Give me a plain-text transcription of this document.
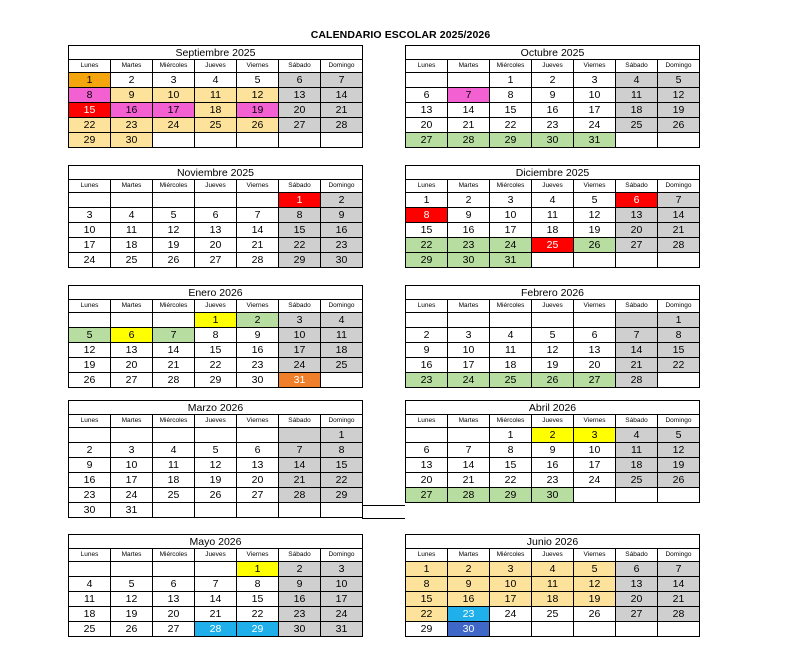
CALENDARIO ESCOLAR 2025/2026
Septiembre 2025
Lunes	Martes	Miércoles	Jueves	Viernes	Sábado	Domingo
1	2	3	4	5	6	7
8	9	10	11	12	13	14
15	16	17	18	19	20	21
22	23	24	25	26	27	28
29	30					
Octubre 2025
Lunes	Martes	Miércoles	Jueves	Viernes	Sábado	Domingo
		1	2	3	4	5
6	7	8	9	10	11	12
13	14	15	16	17	18	19
20	21	22	23	24	25	26
27	28	29	30	31		
Noviembre 2025
Lunes	Martes	Miércoles	Jueves	Viernes	Sábado	Domingo
					1	2
3	4	5	6	7	8	9
10	11	12	13	14	15	16
17	18	19	20	21	22	23
24	25	26	27	28	29	30
Diciembre 2025
Lunes	Martes	Miércoles	Jueves	Viernes	Sábado	Domingo
1	2	3	4	5	6	7
8	9	10	11	12	13	14
15	16	17	18	19	20	21
22	23	24	25	26	27	28
29	30	31				
Enero 2026
Lunes	Martes	Miércoles	Jueves	Viernes	Sábado	Domingo
			1	2	3	4
5	6	7	8	9	10	11
12	13	14	15	16	17	18
19	20	21	22	23	24	25
26	27	28	29	30	31	
Febrero 2026
Lunes	Martes	Miércoles	Jueves	Viernes	Sábado	Domingo
						1
2	3	4	5	6	7	8
9	10	11	12	13	14	15
16	17	18	19	20	21	22
23	24	25	26	27	28	
Marzo 2026
Lunes	Martes	Miércoles	Jueves	Viernes	Sábado	Domingo
						1
2	3	4	5	6	7	8
9	10	11	12	13	14	15
16	17	18	19	20	21	22
23	24	25	26	27	28	29
30	31					
Abril 2026
Lunes	Martes	Miércoles	Jueves	Viernes	Sábado	Domingo
		1	2	3	4	5
6	7	8	9	10	11	12
13	14	15	16	17	18	19
20	21	22	23	24	25	26
27	28	29	30			
Mayo 2026
Lunes	Martes	Miércoles	Jueves	Viernes	Sábado	Domingo
				1	2	3
4	5	6	7	8	9	10
11	12	13	14	15	16	17
18	19	20	21	22	23	24
25	26	27	28	29	30	31
Junio 2026
Lunes	Martes	Miércoles	Jueves	Viernes	Sábado	Domingo
1	2	3	4	5	6	7
8	9	10	11	12	13	14
15	16	17	18	19	20	21
22	23	24	25	26	27	28
29	30					
